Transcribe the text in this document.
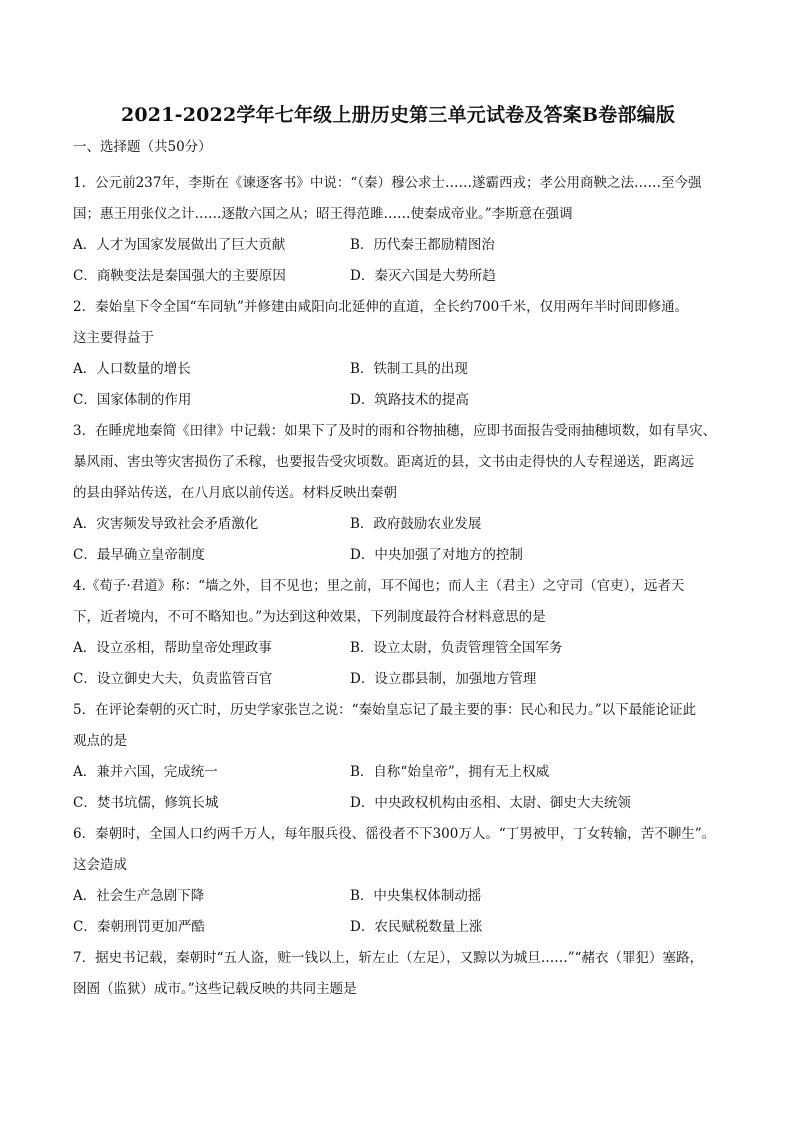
2021-2022学年七年级上册历史第三单元试卷及答案B卷部编版
一、选择题（共50分）

1．公元前237年，李斯在《谏逐客书》中说：“（秦）穆公求士……遂霸西戎；孝公用商鞅之法……至今强
国；惠王用张仪之计……逐散六国之从；昭王得范雎……使秦成帝业。”李斯意在强调

A．人才为国家发展做出了巨大贡献	B．历代秦王都励精图治
C．商鞅变法是秦国强大的主要原因	D．秦灭六国是大势所趋

2．秦始皇下令全国“车同轨”并修建由咸阳向北延伸的直道，全长约700千米，仅用两年半时间即修通。
这主要得益于

A．人口数量的增长	B．铁制工具的出现
C．国家体制的作用	D．筑路技术的提高

3．在睡虎地秦简《田律》中记载：如果下了及时的雨和谷物抽穗，应即书面报告受雨抽穗顷数，如有旱灾、
暴风雨、害虫等灾害损伤了禾稼，也要报告受灾顷数。距离近的县，文书由走得快的人专程递送，距离远
的县由驿站传送，在八月底以前传送。材料反映出秦朝

A．灾害频发导致社会矛盾激化	B．政府鼓励农业发展
C．最早确立皇帝制度	D．中央加强了对地方的控制

4.《荀子·君道》称：“墙之外，目不见也；里之前，耳不闻也；而人主（君主）之守司（官吏），远者天
下，近者境内，不可不略知也。”为达到这种效果，下列制度最符合材料意思的是

A．设立丞相，帮助皇帝处理政事	B．设立太尉，负责管理管全国军务
C．设立御史大夫，负责监管百官	D．设立郡县制，加强地方管理

5．在评论秦朝的灭亡时，历史学家张岂之说：“秦始皇忘记了最主要的事：民心和民力。”以下最能论证此
观点的是

A．兼并六国，完成统一	B．自称“始皇帝”，拥有无上权威
C．焚书坑儒，修筑长城	D．中央政权机构由丞相、太尉、御史大夫统领

6．秦朝时，全国人口约两千万人，每年服兵役、徭役者不下300万人。“丁男被甲，丁女转输，苦不聊生”。
这会造成

A．社会生产急剧下降	B．中央集权体制动摇
C．秦朝刑罚更加严酷	D．农民赋税数量上涨

7．据史书记载，秦朝时“五人盗，赃一钱以上，斩左止（左足），又黥以为城旦……”“赭衣（罪犯）塞路，
囹圄（监狱）成市。”这些记载反映的共同主题是
